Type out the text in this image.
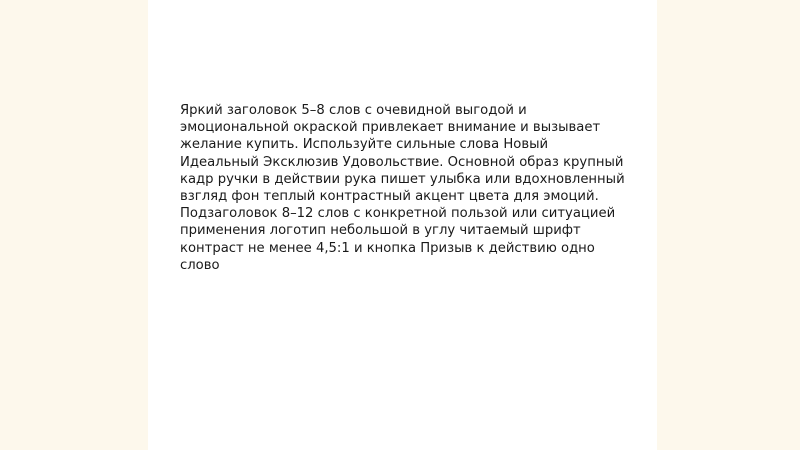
Яркий заголовок 5–8 слов с очевидной выгодой и эмоциональной окраской привлекает внимание и вызывает желание купить. Используйте сильные слова Новый Идеальный Эксклюзив Удовольствие. Основной образ крупный кадр ручки в действии рука пишет улыбка или вдохновленный взгляд фон теплый контрастный акцент цвета для эмоций. Подзаголовок 8–12 слов с конкретной пользой или ситуацией применения логотип небольшой в углу читаемый шрифт контраст не менее 4,5:1 и кнопка Призыв к действию одно слово
